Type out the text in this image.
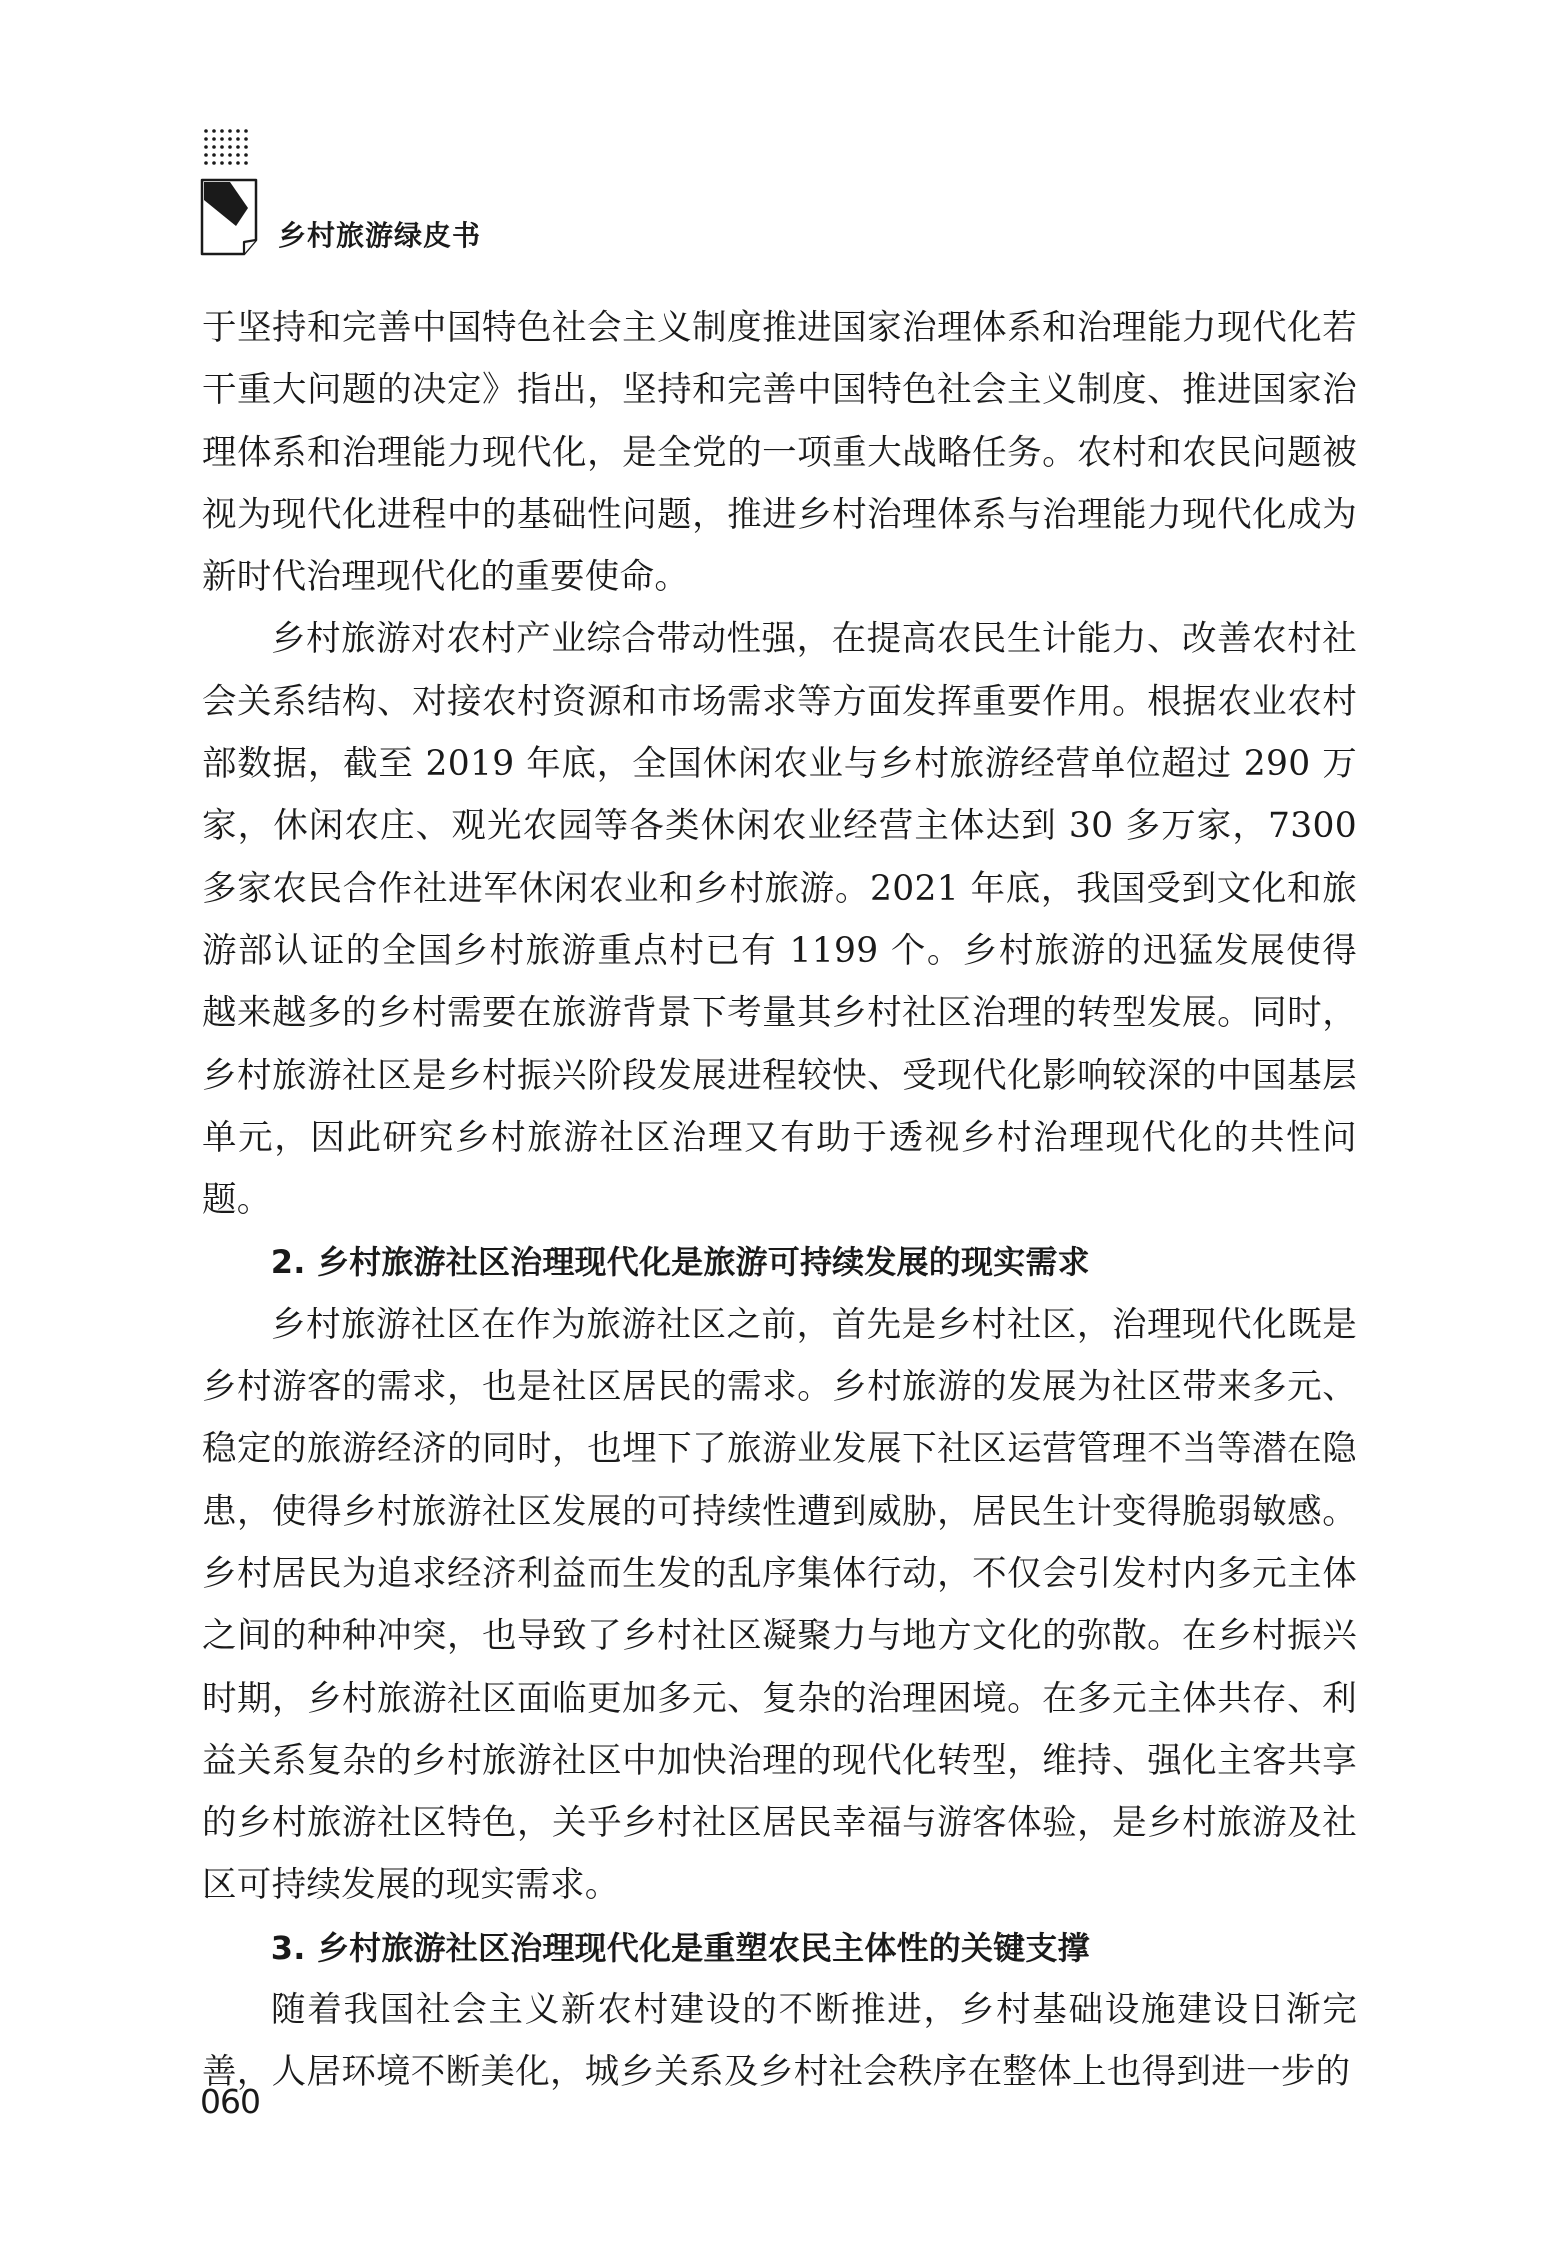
乡村旅游绿皮书

于坚持和完善中国特色社会主义制度推进国家治理体系和治理能力现代化若干重大问题的决定》指出，坚持和完善中国特色社会主义制度、推进国家治理体系和治理能力现代化，是全党的一项重大战略任务。农村和农民问题被视为现代化进程中的基础性问题，推进乡村治理体系与治理能力现代化成为新时代治理现代化的重要使命。

乡村旅游对农村产业综合带动性强，在提高农民生计能力、改善农村社会关系结构、对接农村资源和市场需求等方面发挥重要作用。根据农业农村部数据，截至 2019 年底，全国休闲农业与乡村旅游经营单位超过 290 万家，休闲农庄、观光农园等各类休闲农业经营主体达到 30 多万家，7300 多家农民合作社进军休闲农业和乡村旅游。2021 年底，我国受到文化和旅游部认证的全国乡村旅游重点村已有 1199 个。乡村旅游的迅猛发展使得越来越多的乡村需要在旅游背景下考量其乡村社区治理的转型发展。同时，乡村旅游社区是乡村振兴阶段发展进程较快、受现代化影响较深的中国基层单元，因此研究乡村旅游社区治理又有助于透视乡村治理现代化的共性问题。

2. 乡村旅游社区治理现代化是旅游可持续发展的现实需求

乡村旅游社区在作为旅游社区之前，首先是乡村社区，治理现代化既是乡村游客的需求，也是社区居民的需求。乡村旅游的发展为社区带来多元、稳定的旅游经济的同时，也埋下了旅游业发展下社区运营管理不当等潜在隐患，使得乡村旅游社区发展的可持续性遭到威胁，居民生计变得脆弱敏感。乡村居民为追求经济利益而生发的乱序集体行动，不仅会引发村内多元主体之间的种种冲突，也导致了乡村社区凝聚力与地方文化的弥散。在乡村振兴时期，乡村旅游社区面临更加多元、复杂的治理困境。在多元主体共存、利益关系复杂的乡村旅游社区中加快治理的现代化转型，维持、强化主客共享的乡村旅游社区特色，关乎乡村社区居民幸福与游客体验，是乡村旅游及社区可持续发展的现实需求。

3. 乡村旅游社区治理现代化是重塑农民主体性的关键支撑

随着我国社会主义新农村建设的不断推进，乡村基础设施建设日渐完善，人居环境不断美化，城乡关系及乡村社会秩序在整体上也得到进一步的

060
